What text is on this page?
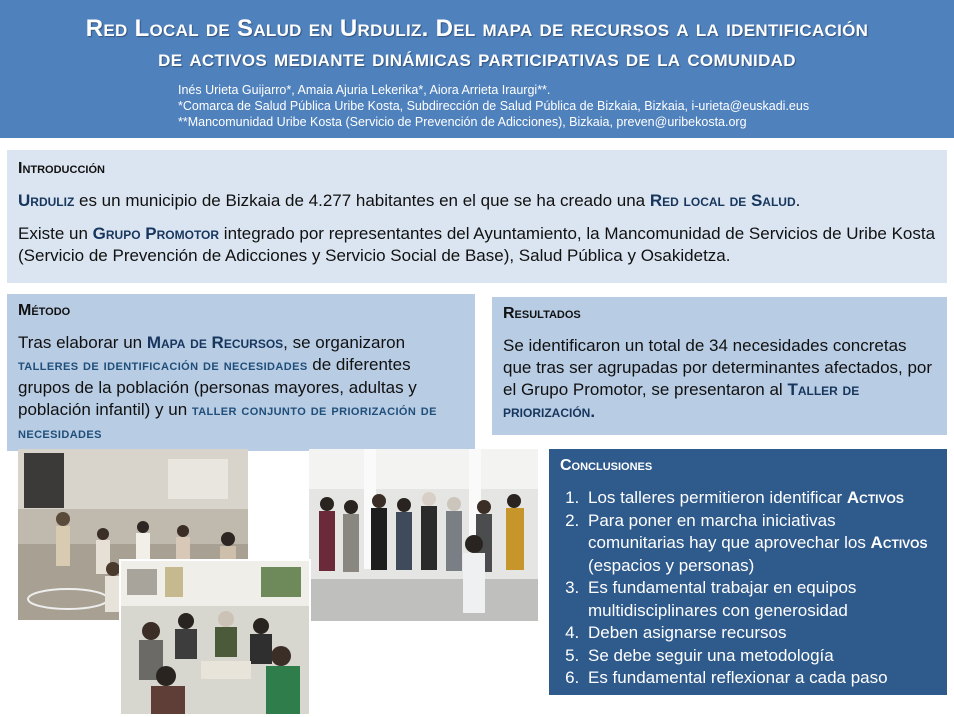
Red Local de Salud en Urduliz. Del mapa de recursos a la identificación
de activos mediante dinámicas participativas de la comunidad
Inés Urieta Guijarro*, Amaia Ajuria Lekerika*, Aiora Arrieta Iraurgi**.
*Comarca de Salud Pública Uribe Kosta, Subdirección de Salud Pública de Bizkaia, Bizkaia, i-urieta@euskadi.eus
**Mancomunidad Uribe Kosta (Servicio de Prevención de Adicciones), Bizkaia, preven@uribekosta.org
Introducción

Urduliz es un municipio de Bizkaia de 4.277 habitantes en el que se ha creado una Red local de Salud.

Existe un Grupo Promotor integrado por representantes del Ayuntamiento, la Mancomunidad de Servicios de Uribe Kosta (Servicio de Prevención de Adicciones y Servicio Social de Base), Salud Pública y Osakidetza.

Método

Tras elaborar un Mapa de Recursos, se organizaron talleres de identificación de necesidades de diferentes grupos de la población (personas mayores, adultas y población infantil) y un taller conjunto de priorización de necesidades

Resultados

Se identificaron un total de 34 necesidades concretas que tras ser agrupadas por determinantes afectados, por el Grupo Promotor, se presentaron al Taller de priorización.

Conclusiones
1. Los talleres permitieron identificar Activos
2. Para poner en marcha iniciativas comunitarias hay que aprovechar los Activos (espacios y personas)
3. Es fundamental trabajar en equipos multidisciplinares con generosidad
4. Deben asignarse recursos
5. Se debe seguir una metodología
6. Es fundamental reflexionar a cada paso
